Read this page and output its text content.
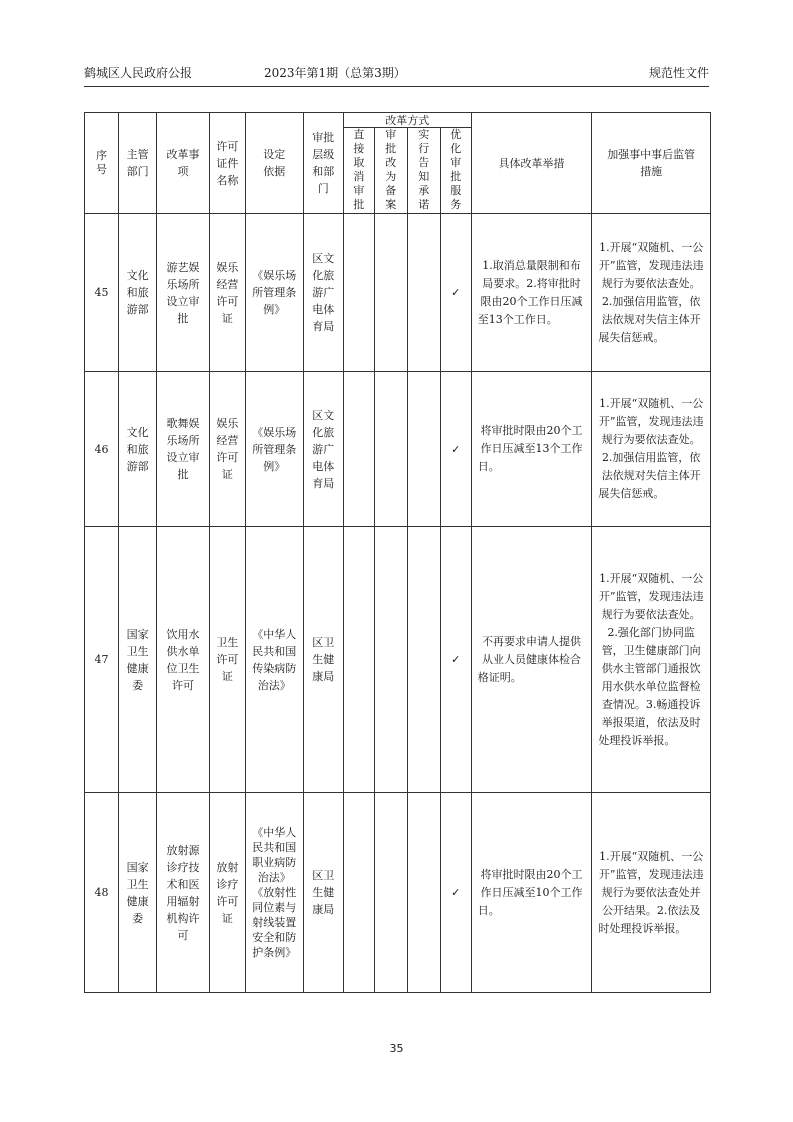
鹤城区人民政府公报	2023年第1期（总第3期）	规范性文件
序号	主管部门	改革事项	许可证件名称	设定依据	审批层级和部门	改革方式				具体改革举措	加强事中事后监管措施

						直接取消审批	审批改为备案	实行告知承诺	优化审批服务		
45	文化和旅游部	游艺娱乐场所设立审批	娱乐经营许可证	《娱乐场所管理条例》	区文化旅游广电体育局				✓	1.取消总量限制和布局要求。2.将审批时限由20个工作日压减至13个工作日。	1.开展“双随机、一公开”监管，发现违法违规行为要依法查处。2.加强信用监管，依法依规对失信主体开展失信惩戒。
46	文化和旅游部	歌舞娱乐场所设立审批	娱乐经营许可证	《娱乐场所管理条例》	区文化旅游广电体育局				✓	将审批时限由20个工作日压减至13个工作日。	1.开展“双随机、一公开”监管，发现违法违规行为要依法查处。2.加强信用监管，依法依规对失信主体开展失信惩戒。
47	国家卫生健康委	饮用水供水单位卫生许可	卫生许可证	《中华人民共和国传染病防治法》	区卫生健康局				✓	不再要求申请人提供从业人员健康体检合格证明。	1.开展“双随机、一公开”监管，发现违法违规行为要依法查处。2.强化部门协同监管，卫生健康部门向供水主管部门通报饮用水供水单位监督检查情况。3.畅通投诉举报渠道，依法及时处理投诉举报。
48	国家卫生健康委	放射源诊疗技术和医用辐射机构许可	放射诊疗许可证	《中华人民共和国职业病防治法》《放射性同位素与射线装置安全和防护条例》	区卫生健康局				✓	将审批时限由20个工作日压减至10个工作日。	1.开展“双随机、一公开”监管，发现违法违规行为要依法查处并公开结果。2.依法及时处理投诉举报。
35
